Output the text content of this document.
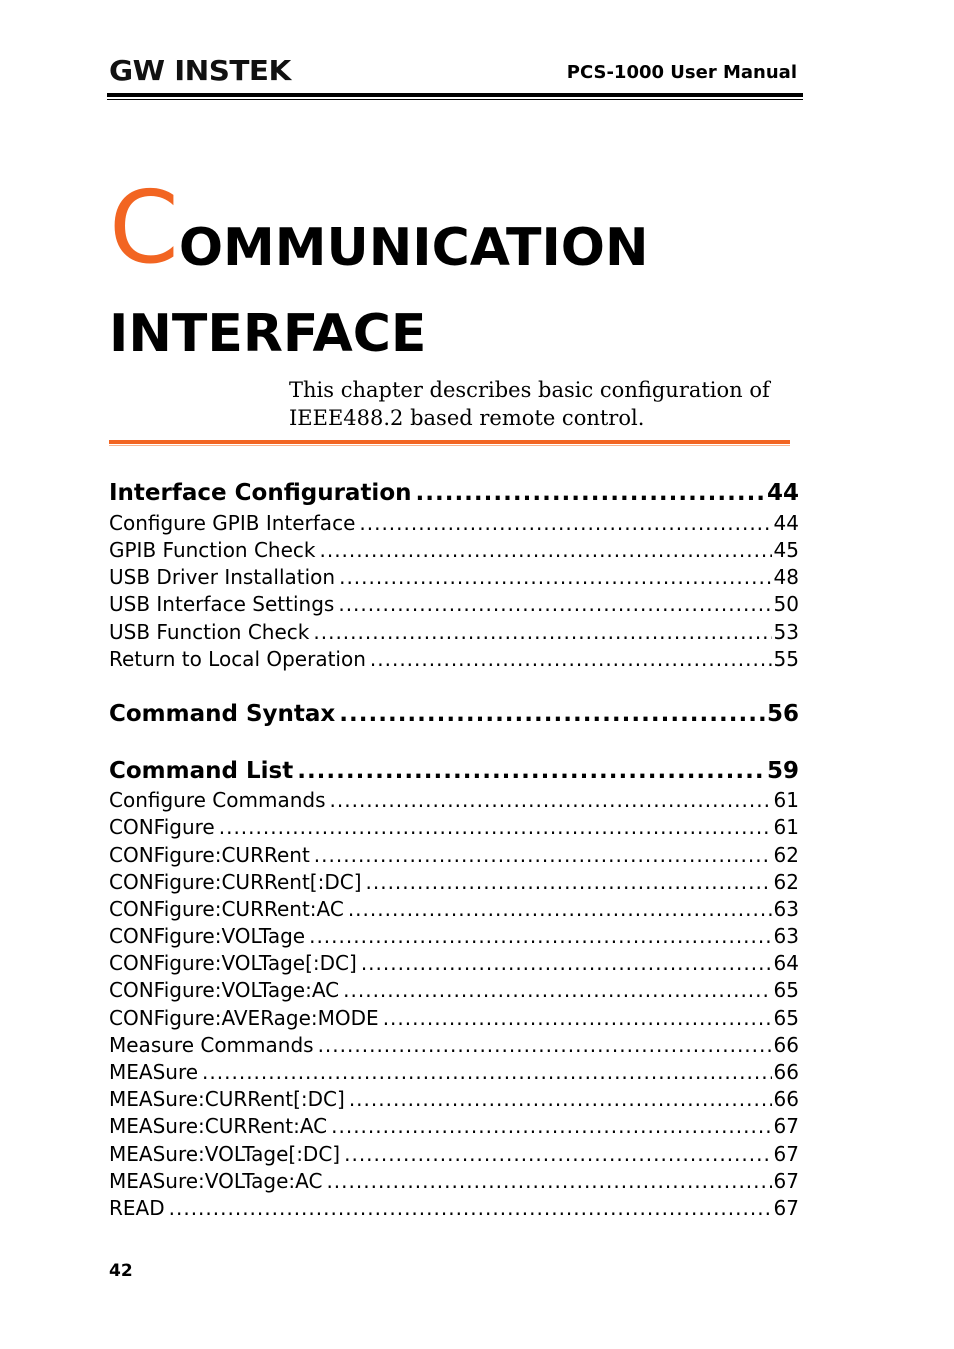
GW INSTEK	PCS-1000 User Manual
C OMMUNICATION
INTERFACE
This chapter describes basic configuration of
IEEE488.2 based remote control.
Interface Configuration .....	44
Configure GPIB Interface .....	44
GPIB Function Check .....	45
USB Driver Installation .....	48
USB Interface Settings .....	50
USB Function Check .....	53
Return to Local Operation .....	55
Command Syntax .....	56
Command List .....	59
Configure Commands .....	61
CONFigure .....	61
CONFigure:CURRent .....	62
CONFigure:CURRent[:DC] .....	62
CONFigure:CURRent:AC .....	63
CONFigure:VOLTage .....	63
CONFigure:VOLTage[:DC] .....	64
CONFigure:VOLTage:AC .....	65
CONFigure:AVERage:MODE .....	65
Measure Commands .....	66
MEASure .....	66
MEASure:CURRent[:DC] .....	66
MEASure:CURRent:AC .....	67
MEASure:VOLTage[:DC] .....	67
MEASure:VOLTage:AC .....	67
READ .....	67
42
